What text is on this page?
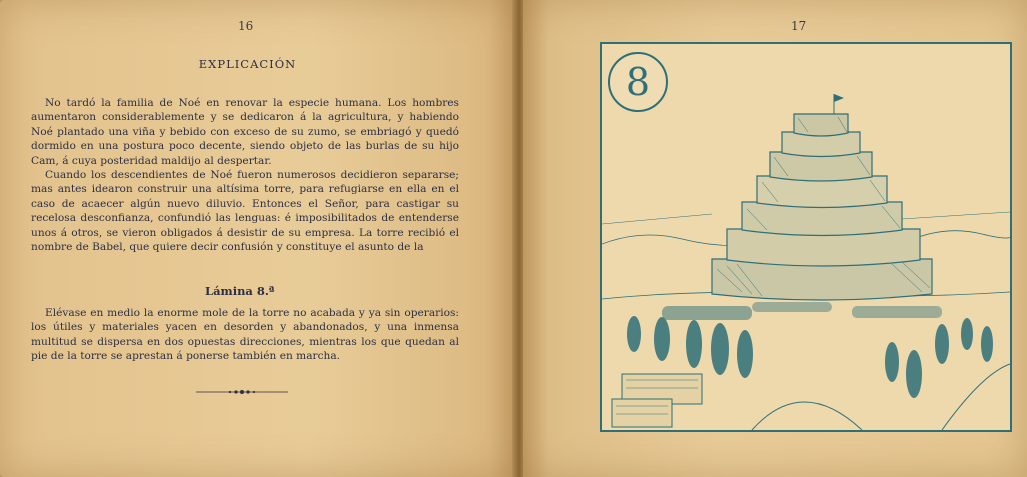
16
EXPLICACIÓN

No tardó la familia de Noé en renovar la especie humana. Los hombres aumentaron considerablemente y se dedicaron á la agricultura, y habiendo Noé plantado una viña y bebido con exceso de su zumo, se embriagó y quedó dormido en una postura poco decente, siendo objeto de las burlas de su hijo Cam, á cuya posteridad maldijo al despertar.

Cuando los descendientes de Noé fueron numerosos decidieron separarse; mas antes idearon construir una altísima torre, para refugiarse en ella en el caso de acaecer algún nuevo diluvio. Entonces el Señor, para castigar su recelosa desconfianza, confundió las lenguas: é imposibilitados de entenderse unos á otros, se vieron obligados á desistir de su empresa. La torre recibió el nombre de Babel, que quiere decir confusión y constituye el asunto de la

Lámina 8.ª

Elévase en medio la enorme mole de la torre no acabada y ya sin operarios: los útiles y materiales yacen en desorden y abandonados, y una inmensa multitud se dispersa en dos opuestas direcciones, mientras los que quedan al pie de la torre se aprestan á ponerse también en marcha.

17
8
